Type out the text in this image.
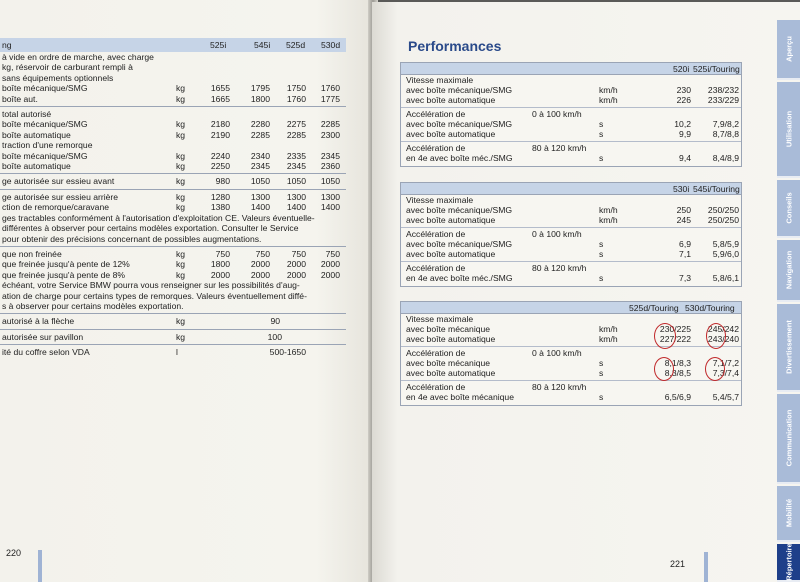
ng	525i	545i 525d 530d
à vide en ordre de marche, avec charge
kg, réservoir de carburant rempli à
sans équipements optionnels
boîte mécanique/SMG	kg	1655	1795	1750	1760
boîte aut.	kg	1665	1800	1760	1775
total autorisé
boîte mécanique/SMG	kg	2180	2280	2275	2285
boîte automatique	kg	2190	2285	2285	2300
traction d'une remorque
boîte mécanique/SMG	kg	2240	2340	2335	2345
boîte automatique	kg	2250	2345	2345	2360
ge autorisée sur essieu avant	kg	980	1050	1050	1050
ge autorisée sur essieu arrière	kg	1280	1300	1300	1300
ction de remorque/caravane	kg	1380	1400	1400	1400
ges tractables conformément à l'autorisation d'exploitation CE. Valeurs éventuelle-
différentes à observer pour certains modèles exportation. Consulter le Service
pour obtenir des précisions concernant de possibles augmentations.
que non freinée	kg	750	750	750	750
que freinée jusqu'à pente de 12%	kg	1800	2000	2000	2000
que freinée jusqu'à pente de 8%	kg	2000	2000	2000	2000
échéant, votre Service BMW pourra vous renseigner sur les possibilités d'aug-
ation de charge pour certains types de remorques. Valeurs éventuellement diffé-
s à observer pour certains modèles exportation.
autorisé à la flèche	kg	90
autorisée sur pavillon	kg	100
ité du coffre selon VDA	l	500-1650
220
Performances
520i 525i/Touring
Vitesse maximale
avec boîte mécanique/SMG	km/h	230	238/232
avec boîte automatique	km/h	226	233/229
Accélération de	0 à 100 km/h
avec boîte mécanique/SMG	s	10,2	7,9/8,2
avec boîte automatique	s	9,9	8,7/8,8
Accélération de	80 à 120 km/h
en 4e avec boîte méc./SMG	s	9,4	8,4/8,9
530i 545i/Touring
Vitesse maximale
avec boîte mécanique/SMG	km/h	250	250/250
avec boîte automatique	km/h	245	250/250
Accélération de	0 à 100 km/h
avec boîte mécanique/SMG	s	6,9	5,8/5,9
avec boîte automatique	s	7,1	5,9/6,0
Accélération de	80 à 120 km/h
en 4e avec boîte méc./SMG	s	7,3	5,8/6,1
525d/Touring 530d/Touring
Vitesse maximale
avec boîte mécanique	km/h	230/225	245/242
avec boîte automatique	km/h	227/222	243/240
Accélération de	0 à 100 km/h
avec boîte mécanique	s	8,1/8,3	7,1/7,2
avec boîte automatique	s	8,3/8,5	7,3/7,4
Accélération de	80 à 120 km/h
en 4e avec boîte mécanique	s	6,5/6,9	5,4/5,7
Aperçu
Utilisation
Conseils
Navigation
Divertissement
Communication
Mobilité
Répertoire
221
